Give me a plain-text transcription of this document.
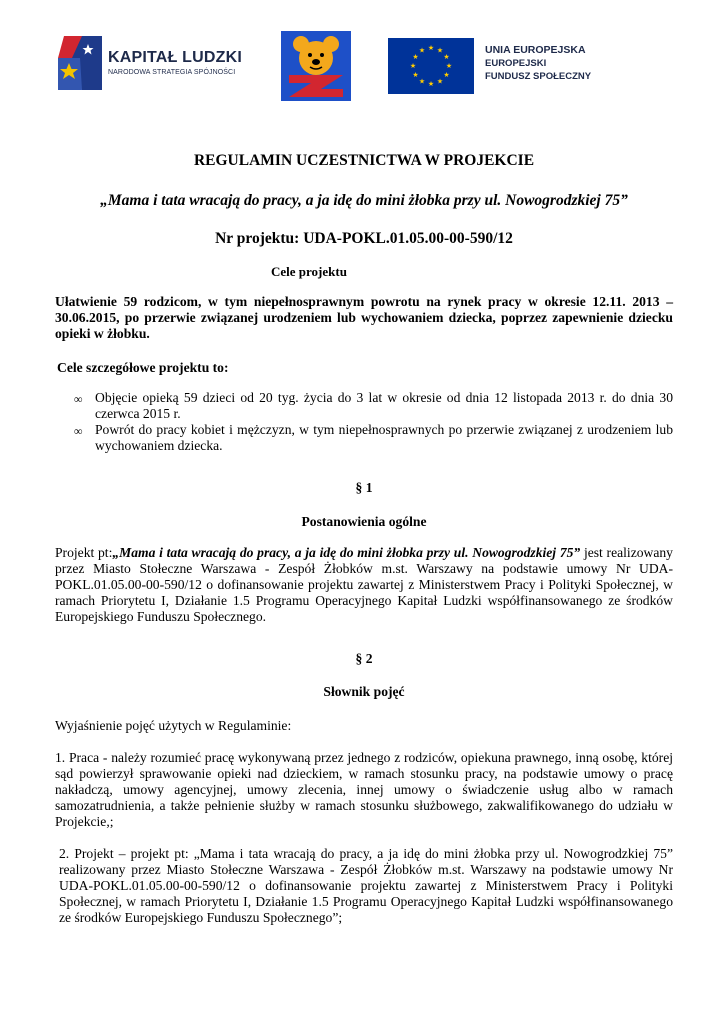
KAPITAŁ LUDZKI
NARODOWA STRATEGIA SPÓJNOŚCI
★ ★
★
★
★
★
★
★
★
★
★
★	UNIA EUROPEJSKA
EUROPEJSKI
FUNDUSZ SPOŁECZNY

REGULAMIN UCZESTNICTWA W PROJEKCIE

„Mama i tata wracają do pracy, a ja idę do mini żłobka przy ul. Nowogrodzkiej 75”

Nr projektu: UDA-POKL.01.05.00-00-590/12

Cele projektu

Ułatwienie 59 rodzicom, w tym niepełnosprawnym powrotu na rynek pracy w okresie 12.11. 2013 – 30.06.2015, po przerwie związanej urodzeniem lub wychowaniem dziecka, poprzez zapewnienie dziecku opieki w żłobku.

Cele szczegółowe projektu to:

∞ Objęcie opieką 59 dzieci od 20 tyg. życia do 3 lat w okresie od dnia 12 listopada 2013 r. do dnia 30 czerwca 2015 r.
∞ Powrót do pracy kobiet i mężczyzn, w tym niepełnosprawnych po przerwie związanej z urodzeniem lub wychowaniem dziecka.

§ 1

Postanowienia ogólne

Projekt pt:„Mama i tata wracają do pracy, a ja idę do mini żłobka przy ul. Nowogrodzkiej 75” jest realizowany przez Miasto Stołeczne Warszawa - Zespół Żłobków m.st. Warszawy na podstawie umowy Nr UDA-POKL.01.05.00-00-590/12 o dofinansowanie projektu zawartej z Ministerstwem Pracy i Polityki Społecznej, w ramach Priorytetu I, Działanie 1.5 Programu Operacyjnego Kapitał Ludzki współfinansowanego ze środków Europejskiego Funduszu Społecznego.

§ 2

Słownik pojęć

Wyjaśnienie pojęć użytych w Regulaminie:

1. Praca - należy rozumieć pracę wykonywaną przez jednego z rodziców, opiekuna prawnego, inną osobę, której sąd powierzył sprawowanie opieki nad dzieckiem, w ramach stosunku pracy, na podstawie umowy o pracę nakładczą, umowy agencyjnej, umowy zlecenia, innej umowy o świadczenie usług albo w ramach samozatrudnienia, a także pełnienie służby w ramach stosunku służbowego, zakwalifikowanego do udziału w Projekcie,;

2. Projekt – projekt pt: „Mama i tata wracają do pracy, a ja idę do mini żłobka przy ul. Nowogrodzkiej 75” realizowany przez Miasto Stołeczne Warszawa - Zespół Żłobków m.st. Warszawy na podstawie umowy Nr UDA-POKL.01.05.00-00-590/12 o dofinansowanie projektu zawartej z Ministerstwem Pracy i Polityki Społecznej, w ramach Priorytetu I, Działanie 1.5 Programu Operacyjnego Kapitał Ludzki współfinansowanego ze środków Europejskiego Funduszu Społecznego”;
